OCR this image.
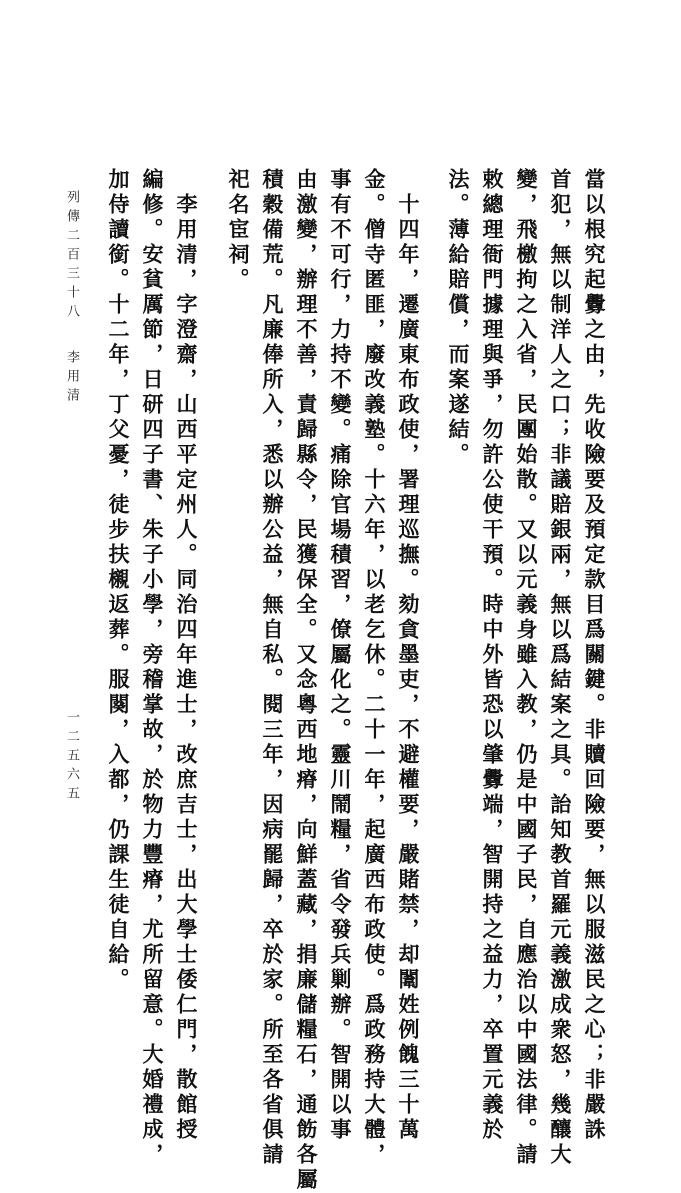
當以根究起釁之由，先收險要及預定款目爲關鍵。非贖回險要，無以服滋民之心；非嚴誅
首犯，無以制洋人之口；非議賠銀兩，無以爲結案之具。詒知教首羅元義激成衆怒，幾釀大
變，飛檄拘之入省，民團始散。又以元義身雖入教，仍是中國子民，自應治以中國法律。請
敕總理衙門據理與爭，勿許公使干預。時中外皆恐以肇釁端，智開持之益力，卒置元義於
法。薄給賠償，而案遂結。
　十四年，遷廣東布政使，署理巡撫。劾貪墨吏，不避權要，嚴賭禁，却闈姓例餽三十萬
金。僧寺匿匪，廢改義塾。十六年，以老乞休。二十一年，起廣西布政使。爲政務持大體，
事有不可行，力持不變。痛除官場積習，僚屬化之。靈川鬧糧，省令發兵剿辦。智開以事
由激變，辦理不善，責歸縣令，民獲保全。又念粵西地瘠，向鮮蓋藏，捐廉儲糧石，通飭各屬
積穀備荒。凡廉俸所入，悉以辦公益，無自私。閱三年，因病罷歸，卒於家。所至各省俱請
祀名宦祠。
　李用清，字澄齋，山西平定州人。同治四年進士，改庶吉士，出大學士倭仁門，散館授
編修。安貧厲節，日研四子書、朱子小學，旁稽掌故，於物力豐瘠，尤所留意。大婚禮成，
加侍讀銜。十二年，丁父憂，徒步扶櫬返葬。服闋，入都，仍課生徒自給。
列傳二百三十八
李用清
一二五六五
